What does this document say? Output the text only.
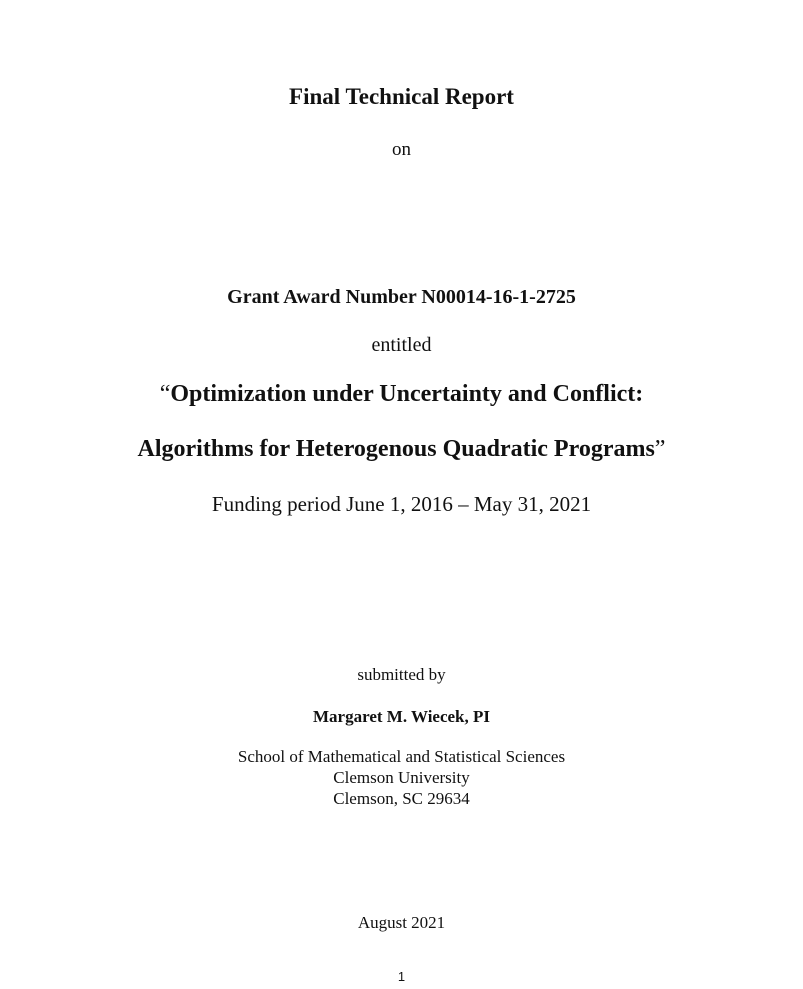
Final Technical Report

on

Grant Award Number N00014-16-1-2725

entitled

“Optimization under Uncertainty and Conflict:

Algorithms for Heterogenous Quadratic Programs”

Funding period June 1, 2016 – May 31, 2021

submitted by

Margaret M. Wiecek, PI

School of Mathematical and Statistical Sciences
Clemson University
Clemson, SC 29634

August 2021

1
